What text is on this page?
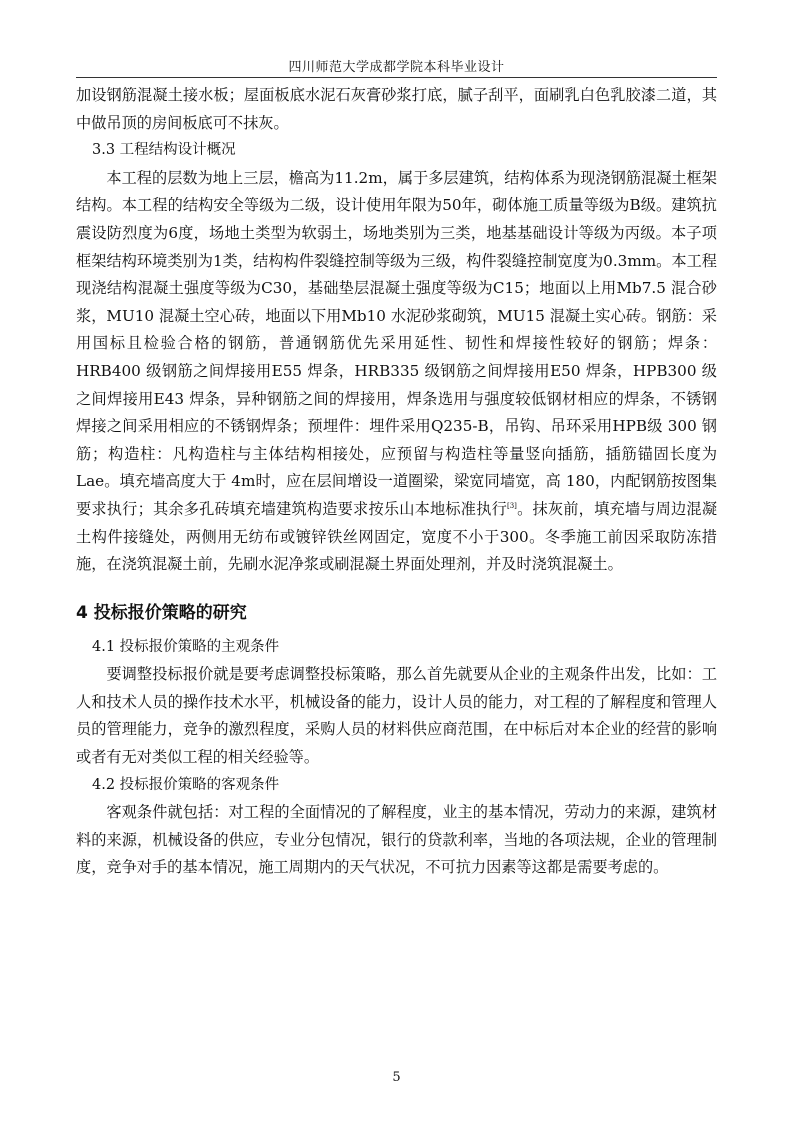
四川师范大学成都学院本科毕业设计

加设钢筋混凝土接水板；屋面板底水泥石灰膏砂浆打底，腻子刮平，面刷乳白色乳胶漆二道，其中做吊顶的房间板底可不抹灰。

3.3 工程结构设计概况

本工程的层数为地上三层，檐高为11.2m，属于多层建筑，结构体系为现浇钢筋混凝土框架结构。本工程的结构安全等级为二级，设计使用年限为50年，砌体施工质量等级为B级。建筑抗震设防烈度为6度，场地土类型为软弱土，场地类别为三类，地基基础设计等级为丙级。本子项框架结构环境类别为1类，结构构件裂缝控制等级为三级，构件裂缝控制宽度为0.3mm。本工程现浇结构混凝土强度等级为C30，基础垫层混凝土强度等级为C15；地面以上用Mb7.5 混合砂浆，MU10 混凝土空心砖，地面以下用Mb10 水泥砂浆砌筑，MU15 混凝土实心砖。钢筋：采用国标且检验合格的钢筋，普通钢筋优先采用延性、韧性和焊接性较好的钢筋；焊条：HRB400 级钢筋之间焊接用E55 焊条，HRB335 级钢筋之间焊接用E50 焊条，HPB300 级之间焊接用E43 焊条，异种钢筋之间的焊接用，焊条选用与强度较低钢材相应的焊条，不锈钢焊接之间采用相应的不锈钢焊条；预埋件：埋件采用Q235-B，吊钩、吊环采用HPB级 300 钢筋；构造柱：凡构造柱与主体结构相接处，应预留与构造柱等量竖向插筋，插筋锚固长度为Lae。填充墙高度大于 4m时，应在层间增设一道圈梁，梁宽同墙宽，高 180，内配钢筋按图集要求执行；其余多孔砖填充墙建筑构造要求按乐山本地标准执行[3]。抹灰前，填充墙与周边混凝土构件接缝处，两侧用无纺布或镀锌铁丝网固定，宽度不小于300。冬季施工前因采取防冻措施，在浇筑混凝土前，先刷水泥净浆或刷混凝土界面处理剂，并及时浇筑混凝土。

4 投标报价策略的研究

4.1 投标报价策略的主观条件

要调整投标报价就是要考虑调整投标策略，那么首先就要从企业的主观条件出发，比如：工人和技术人员的操作技术水平，机械设备的能力，设计人员的能力，对工程的了解程度和管理人员的管理能力，竞争的激烈程度，采购人员的材料供应商范围，在中标后对本企业的经营的影响或者有无对类似工程的相关经验等。

4.2 投标报价策略的客观条件

客观条件就包括：对工程的全面情况的了解程度，业主的基本情况，劳动力的来源，建筑材料的来源，机械设备的供应，专业分包情况，银行的贷款利率，当地的各项法规，企业的管理制度，竞争对手的基本情况，施工周期内的天气状况，不可抗力因素等这都是需要考虑的。

5
